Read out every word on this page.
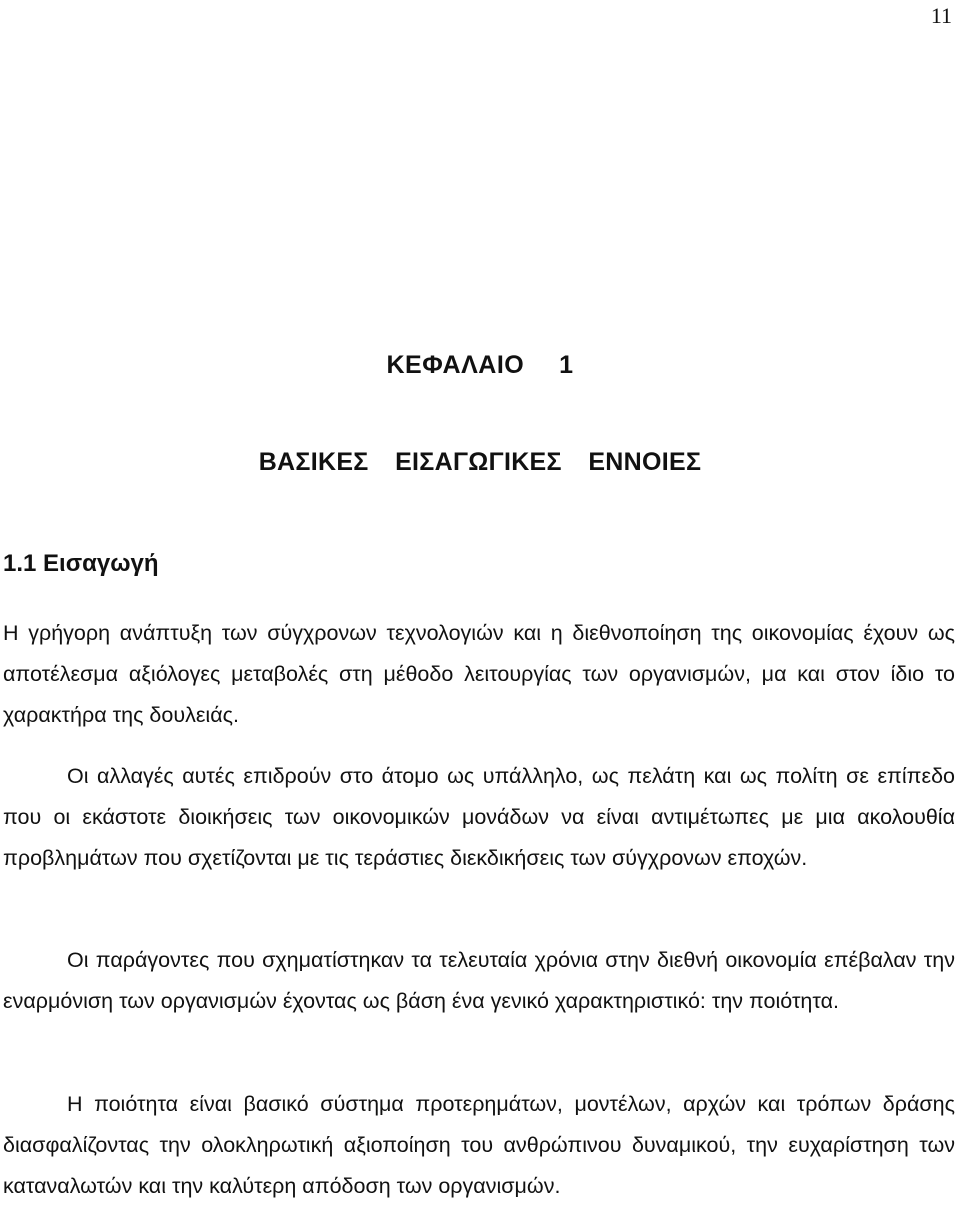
11
ΚΕΦΑΛΑΙΟ  1
ΒΑΣΙΚΕΣ  ΕΙΣΑΓΩΓΙΚΕΣ  ΕΝΝΟΙΕΣ
1.1 Εισαγωγή

Η γρήγορη ανάπτυξη των σύγχρονων τεχνολογιών και η διεθνοποίηση της οικονομίας έχουν ως αποτέλεσμα αξιόλογες μεταβολές στη μέθοδο λειτουργίας των οργανισμών, μα και στον ίδιο το χαρακτήρα της δουλειάς.

Οι αλλαγές αυτές επιδρούν στο άτομο ως υπάλληλο, ως πελάτη και ως πολίτη σε επίπεδο που οι εκάστοτε διοικήσεις των οικονομικών μονάδων να είναι αντιμέτωπες με μια ακολουθία προβλημάτων που σχετίζονται με τις τεράστιες διεκδικήσεις των σύγχρονων εποχών.

Οι παράγοντες που σχηματίστηκαν τα τελευταία χρόνια στην διεθνή οικονομία επέβαλαν την εναρμόνιση των οργανισμών έχοντας ως βάση ένα γενικό χαρακτηριστικό: την ποιότητα.

Η ποιότητα είναι βασικό σύστημα προτερημάτων, μοντέλων, αρχών και τρόπων δράσης διασφαλίζοντας την ολοκληρωτική αξιοποίηση του ανθρώπινου δυναμικού, την ευχαρίστηση των καταναλωτών και την καλύτερη απόδοση των οργανισμών.
